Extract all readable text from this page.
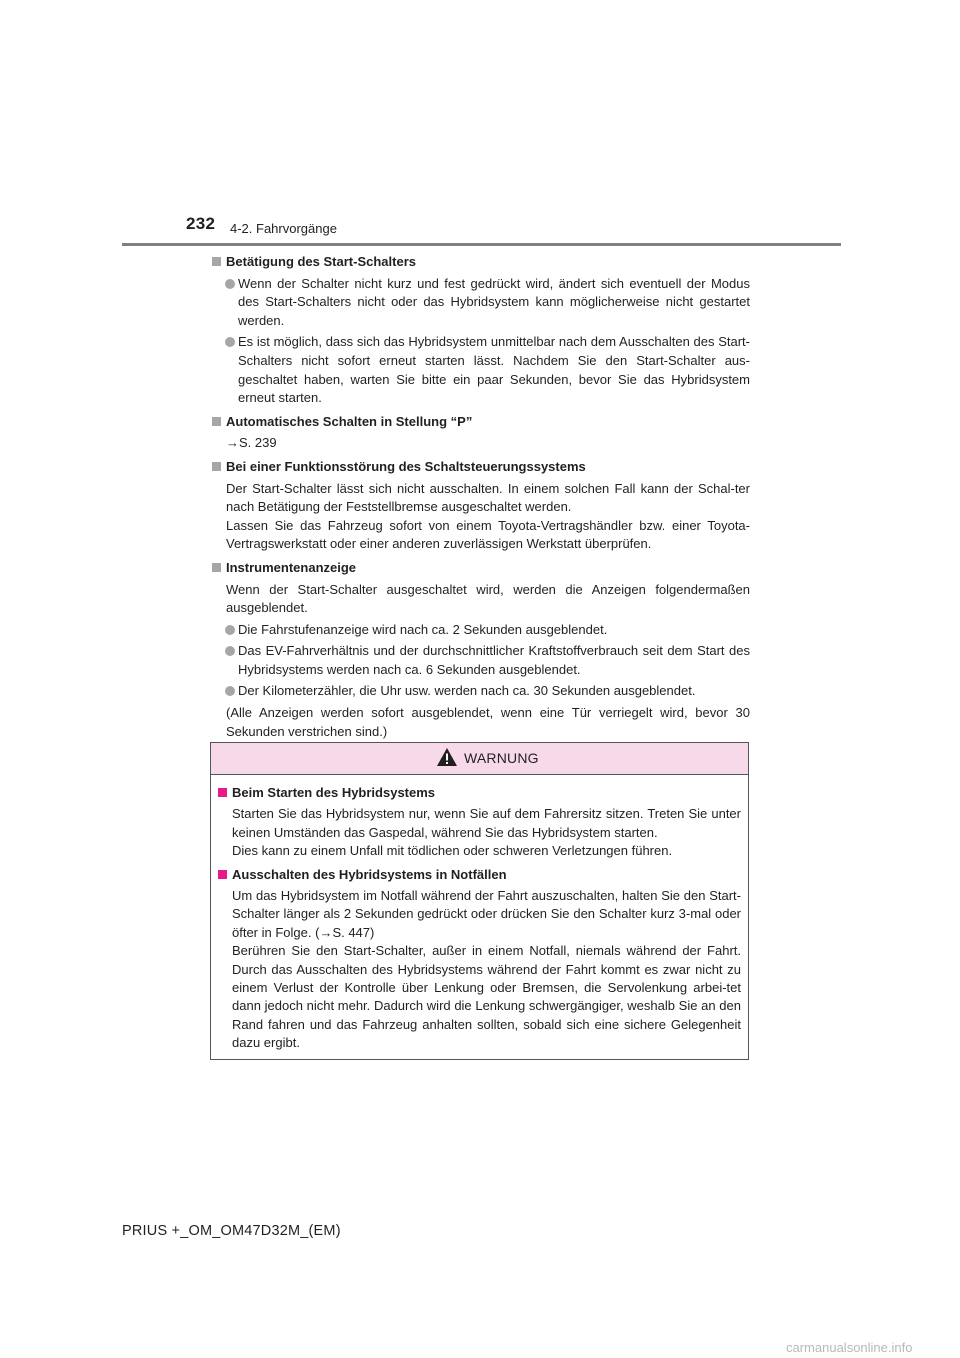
232 4-2. Fahrvorgänge
Betätigung des Start-Schalters
Wenn der Schalter nicht kurz und fest gedrückt wird, ändert sich eventuell der Modus des Start-Schalters nicht oder das Hybridsystem kann möglicherweise nicht gestartet werden.
Es ist möglich, dass sich das Hybridsystem unmittelbar nach dem Ausschalten des Start-Schalters nicht sofort erneut starten lässt. Nachdem Sie den Start-Schalter aus-geschaltet haben, warten Sie bitte ein paar Sekunden, bevor Sie das Hybridsystem erneut starten.
Automatisches Schalten in Stellung “P”
→S. 239
Bei einer Funktionsstörung des Schaltsteuerungssystems
Der Start-Schalter lässt sich nicht ausschalten. In einem solchen Fall kann der Schal-ter nach Betätigung der Feststellbremse ausgeschaltet werden.
Lassen Sie das Fahrzeug sofort von einem Toyota-Vertragshändler bzw. einer Toyota-Vertragswerkstatt oder einer anderen zuverlässigen Werkstatt überprüfen.
Instrumentenanzeige
Wenn der Start-Schalter ausgeschaltet wird, werden die Anzeigen folgendermaßen ausgeblendet.
Die Fahrstufenanzeige wird nach ca. 2 Sekunden ausgeblendet.
Das EV-Fahrverhältnis und der durchschnittlicher Kraftstoffverbrauch seit dem Start des Hybridsystems werden nach ca. 6 Sekunden ausgeblendet.
Der Kilometerzähler, die Uhr usw. werden nach ca. 30 Sekunden ausgeblendet.
(Alle Anzeigen werden sofort ausgeblendet, wenn eine Tür verriegelt wird, bevor 30 Sekunden verstrichen sind.)
WARNUNG
Beim Starten des Hybridsystems
Starten Sie das Hybridsystem nur, wenn Sie auf dem Fahrersitz sitzen. Treten Sie unter keinen Umständen das Gaspedal, während Sie das Hybridsystem starten.
Dies kann zu einem Unfall mit tödlichen oder schweren Verletzungen führen.
Ausschalten des Hybridsystems in Notfällen
Um das Hybridsystem im Notfall während der Fahrt auszuschalten, halten Sie den Start-Schalter länger als 2 Sekunden gedrückt oder drücken Sie den Schalter kurz 3-mal oder öfter in Folge. (→S. 447)
Berühren Sie den Start-Schalter, außer in einem Notfall, niemals während der Fahrt. Durch das Ausschalten des Hybridsystems während der Fahrt kommt es zwar nicht zu einem Verlust der Kontrolle über Lenkung oder Bremsen, die Servolenkung arbei-tet dann jedoch nicht mehr. Dadurch wird die Lenkung schwergängiger, weshalb Sie an den Rand fahren und das Fahrzeug anhalten sollten, sobald sich eine sichere Gelegenheit dazu ergibt.
PRIUS +_OM_OM47D32M_(EM)
carmanualsonline.info
